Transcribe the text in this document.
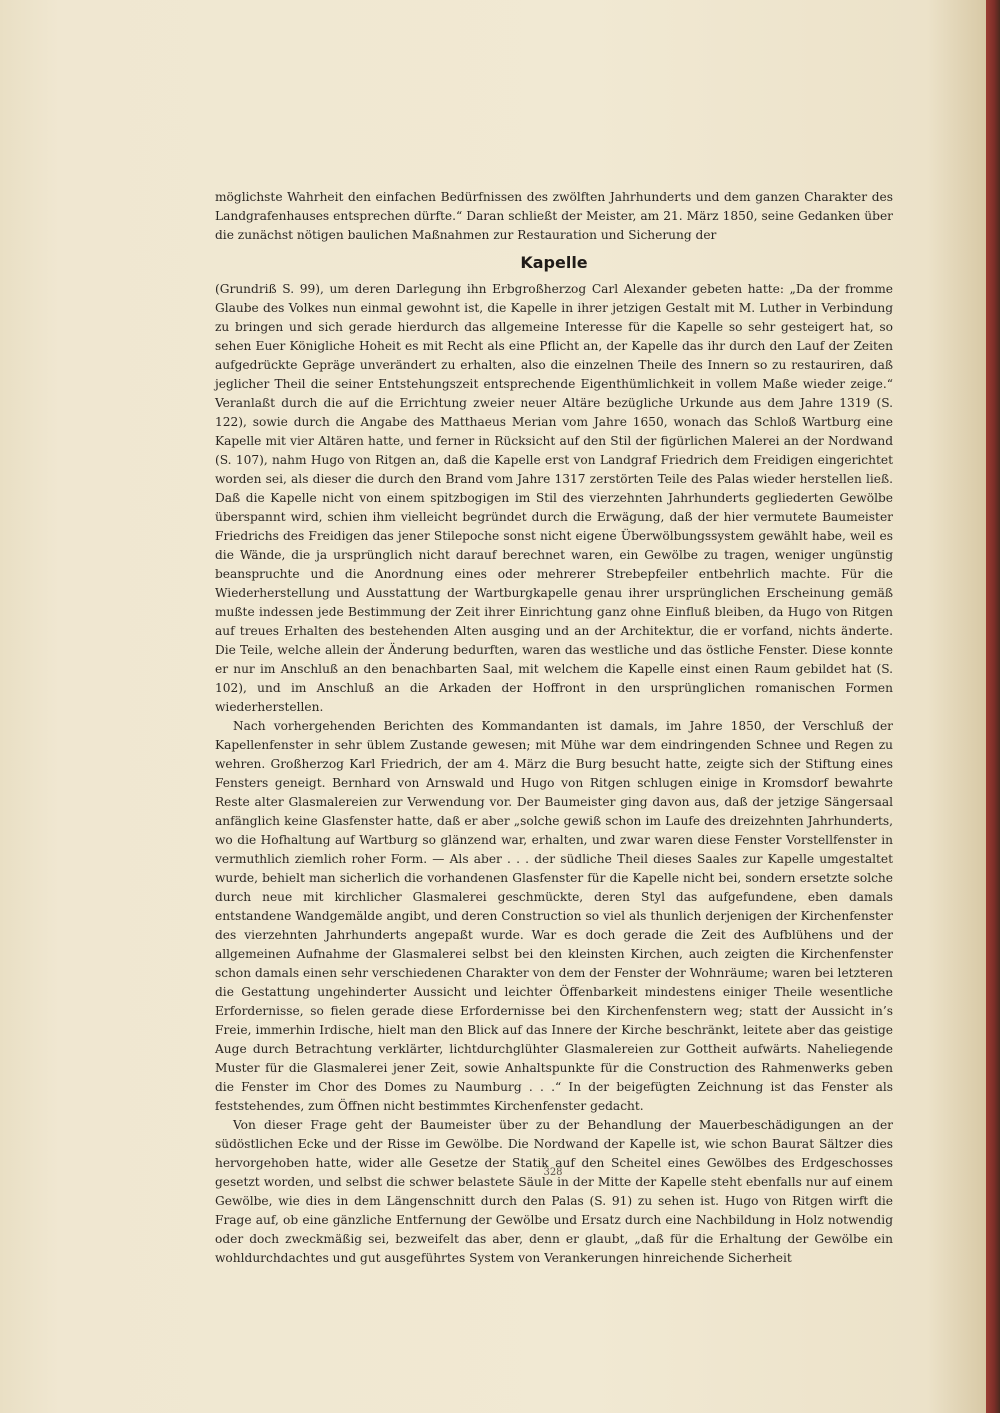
möglichste Wahrheit den einfachen Bedürfnissen des zwölften Jahrhunderts und dem ganzen Charakter des Landgrafenhauses entsprechen dürfte.“ Daran schließt der Meister, am 21. März 1850, seine Gedanken über die zunächst nötigen baulichen Maßnahmen zur Restauration und Sicherung der

Kapelle

(Grundriß S. 99), um deren Darlegung ihn Erbgroßherzog Carl Alexander gebeten hatte: „Da der fromme Glaube des Volkes nun einmal gewohnt ist, die Kapelle in ihrer jetzigen Gestalt mit M. Luther in Verbindung zu bringen und sich gerade hierdurch das allgemeine Interesse für die Kapelle so sehr gesteigert hat, so sehen Euer Königliche Hoheit es mit Recht als eine Pflicht an, der Kapelle das ihr durch den Lauf der Zeiten aufgedrückte Gepräge unverändert zu erhalten, also die einzelnen Theile des Innern so zu restauriren, daß jeglicher Theil die seiner Entstehungszeit entsprechende Eigenthümlichkeit in vollem Maße wieder zeige.“ Veranlaßt durch die auf die Errichtung zweier neuer Altäre bezügliche Urkunde aus dem Jahre 1319 (S. 122), sowie durch die Angabe des Matthaeus Merian vom Jahre 1650, wonach das Schloß Wartburg eine Kapelle mit vier Altären hatte, und ferner in Rücksicht auf den Stil der figürlichen Malerei an der Nordwand (S. 107), nahm Hugo von Ritgen an, daß die Kapelle erst von Landgraf Friedrich dem Freidigen eingerichtet worden sei, als dieser die durch den Brand vom Jahre 1317 zerstörten Teile des Palas wieder herstellen ließ. Daß die Kapelle nicht von einem spitzbogigen im Stil des vierzehnten Jahrhunderts gegliederten Gewölbe überspannt wird, schien ihm vielleicht begründet durch die Erwägung, daß der hier vermutete Baumeister Friedrichs des Freidigen das jener Stilepoche sonst nicht eigene Überwölbungssystem gewählt habe, weil es die Wände, die ja ursprünglich nicht darauf berechnet waren, ein Gewölbe zu tragen, weniger ungünstig beanspruchte und die Anordnung eines oder mehrerer Strebepfeiler entbehrlich machte. Für die Wiederherstellung und Ausstattung der Wartburgkapelle genau ihrer ursprünglichen Erscheinung gemäß mußte indessen jede Bestimmung der Zeit ihrer Einrichtung ganz ohne Einfluß bleiben, da Hugo von Ritgen auf treues Erhalten des bestehenden Alten ausging und an der Architektur, die er vorfand, nichts änderte. Die Teile, welche allein der Änderung bedurften, waren das westliche und das östliche Fenster. Diese konnte er nur im Anschluß an den benachbarten Saal, mit welchem die Kapelle einst einen Raum gebildet hat (S. 102), und im Anschluß an die Arkaden der Hoffront in den ursprünglichen romanischen Formen wiederherstellen.

Nach vorhergehenden Berichten des Kommandanten ist damals, im Jahre 1850, der Verschluß der Kapellenfenster in sehr üblem Zustande gewesen; mit Mühe war dem eindringenden Schnee und Regen zu wehren. Großherzog Karl Friedrich, der am 4. März die Burg besucht hatte, zeigte sich der Stiftung eines Fensters geneigt. Bernhard von Arnswald und Hugo von Ritgen schlugen einige in Kromsdorf bewahrte Reste alter Glasmalereien zur Verwendung vor. Der Baumeister ging davon aus, daß der jetzige Sängersaal anfänglich keine Glasfenster hatte, daß er aber „solche gewiß schon im Laufe des dreizehnten Jahrhunderts, wo die Hofhaltung auf Wartburg so glänzend war, erhalten, und zwar waren diese Fenster Vorstellfenster in vermuthlich ziemlich roher Form. — Als aber . . . der südliche Theil dieses Saales zur Kapelle umgestaltet wurde, behielt man sicherlich die vorhandenen Glasfenster für die Kapelle nicht bei, sondern ersetzte solche durch neue mit kirchlicher Glasmalerei geschmückte, deren Styl das aufgefundene, eben damals entstandene Wandgemälde angibt, und deren Construction so viel als thunlich derjenigen der Kirchenfenster des vierzehnten Jahrhunderts angepaßt wurde. War es doch gerade die Zeit des Aufblühens und der allgemeinen Aufnahme der Glasmalerei selbst bei den kleinsten Kirchen, auch zeigten die Kirchenfenster schon damals einen sehr verschiedenen Charakter von dem der Fenster der Wohnräume; waren bei letzteren die Gestattung ungehinderter Aussicht und leichter Öffenbarkeit mindestens einiger Theile wesentliche Erfordernisse, so fielen gerade diese Erfordernisse bei den Kirchenfenstern weg; statt der Aussicht in’s Freie, immerhin Irdische, hielt man den Blick auf das Innere der Kirche beschränkt, leitete aber das geistige Auge durch Betrachtung verklärter, lichtdurchglühter Glasmalereien zur Gottheit aufwärts. Naheliegende Muster für die Glasmalerei jener Zeit, sowie Anhaltspunkte für die Construction des Rahmenwerks geben die Fenster im Chor des Domes zu Naumburg . . .“ In der beigefügten Zeichnung ist das Fenster als feststehendes, zum Öffnen nicht bestimmtes Kirchenfenster gedacht.

Von dieser Frage geht der Baumeister über zu der Behandlung der Mauerbeschädigungen an der südöstlichen Ecke und der Risse im Gewölbe. Die Nordwand der Kapelle ist, wie schon Baurat Sältzer dies hervorgehoben hatte, wider alle Gesetze der Statik auf den Scheitel eines Gewölbes des Erdgeschosses gesetzt worden, und selbst die schwer belastete Säule in der Mitte der Kapelle steht ebenfalls nur auf einem Gewölbe, wie dies in dem Längenschnitt durch den Palas (S. 91) zu sehen ist. Hugo von Ritgen wirft die Frage auf, ob eine gänzliche Entfernung der Gewölbe und Ersatz durch eine Nachbildung in Holz notwendig oder doch zweckmäßig sei, bezweifelt das aber, denn er glaubt, „daß für die Erhaltung der Gewölbe ein wohldurchdachtes und gut ausgeführtes System von Verankerungen hinreichende Sicherheit

328
